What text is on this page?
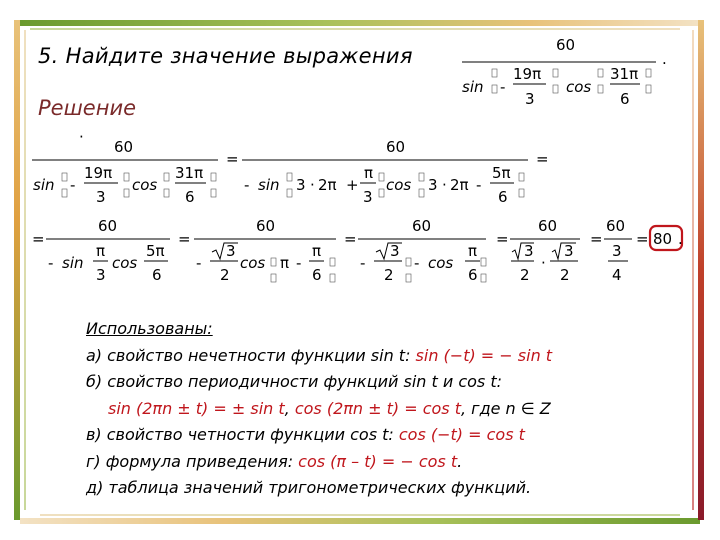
5. Найдите значение выражения
Решение
60
.
sin -
19π
3
cos
31π
6
·
60
sin -
19π
3
cos
31π
6
=
60
- sin 3 · 2π +
π
3
cos 3 · 2π -
5π
6
=
=
60
- sin
π
3
cos
5π
6
=
60
-
3
2
cos π -
π
6
=
60
-
3
2
- cos
π
6
=
60
3
2
·
3
2
=
60
3
4
= 80 .
Использованы:
а) свойство нечетности функции sin t: sin (−t) = − sin t
б) свойство периодичности функций sin t и cos t:
sin (2πn ± t) = ± sin t, cos (2πn ± t) = cos t, где n ∈ Z
в) свойство четности функции cos t: cos (−t) = cos t
г) формула приведения: cos (π – t) = − cos t.
д) таблица значений тригонометрических функций.
